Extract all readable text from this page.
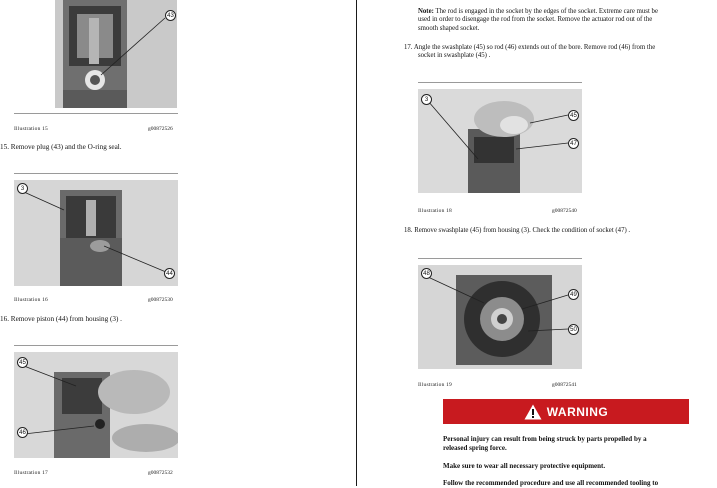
43
Illustration 15	g00872526
15. Remove plug (43) and the O-ring seal.
3
44
Illustration 16	g00872530
16. Remove piston (44) from housing (3) .
45
46
Illustration 17	g00872532
Note: The rod is engaged in the socket by the edges of the socket. Extreme care must be
used in order to disengage the rod from the socket. Remove the actuator rod out of the
smooth shaped socket.
17. Angle the swashplate (45) so rod (46) extends out of the bore. Remove rod (46) from the
socket in swashplate (45) .
3
45
47
Illustration 18	g00872540
18. Remove swashplate (45) from housing (3). Check the condition of socket (47) .
48
49
50
Illustration 19	g00872541
WARNING
Personal injury can result from being struck by parts propelled by a
released spring force.
Make sure to wear all necessary protective equipment.
Follow the recommended procedure and use all recommended tooling to
